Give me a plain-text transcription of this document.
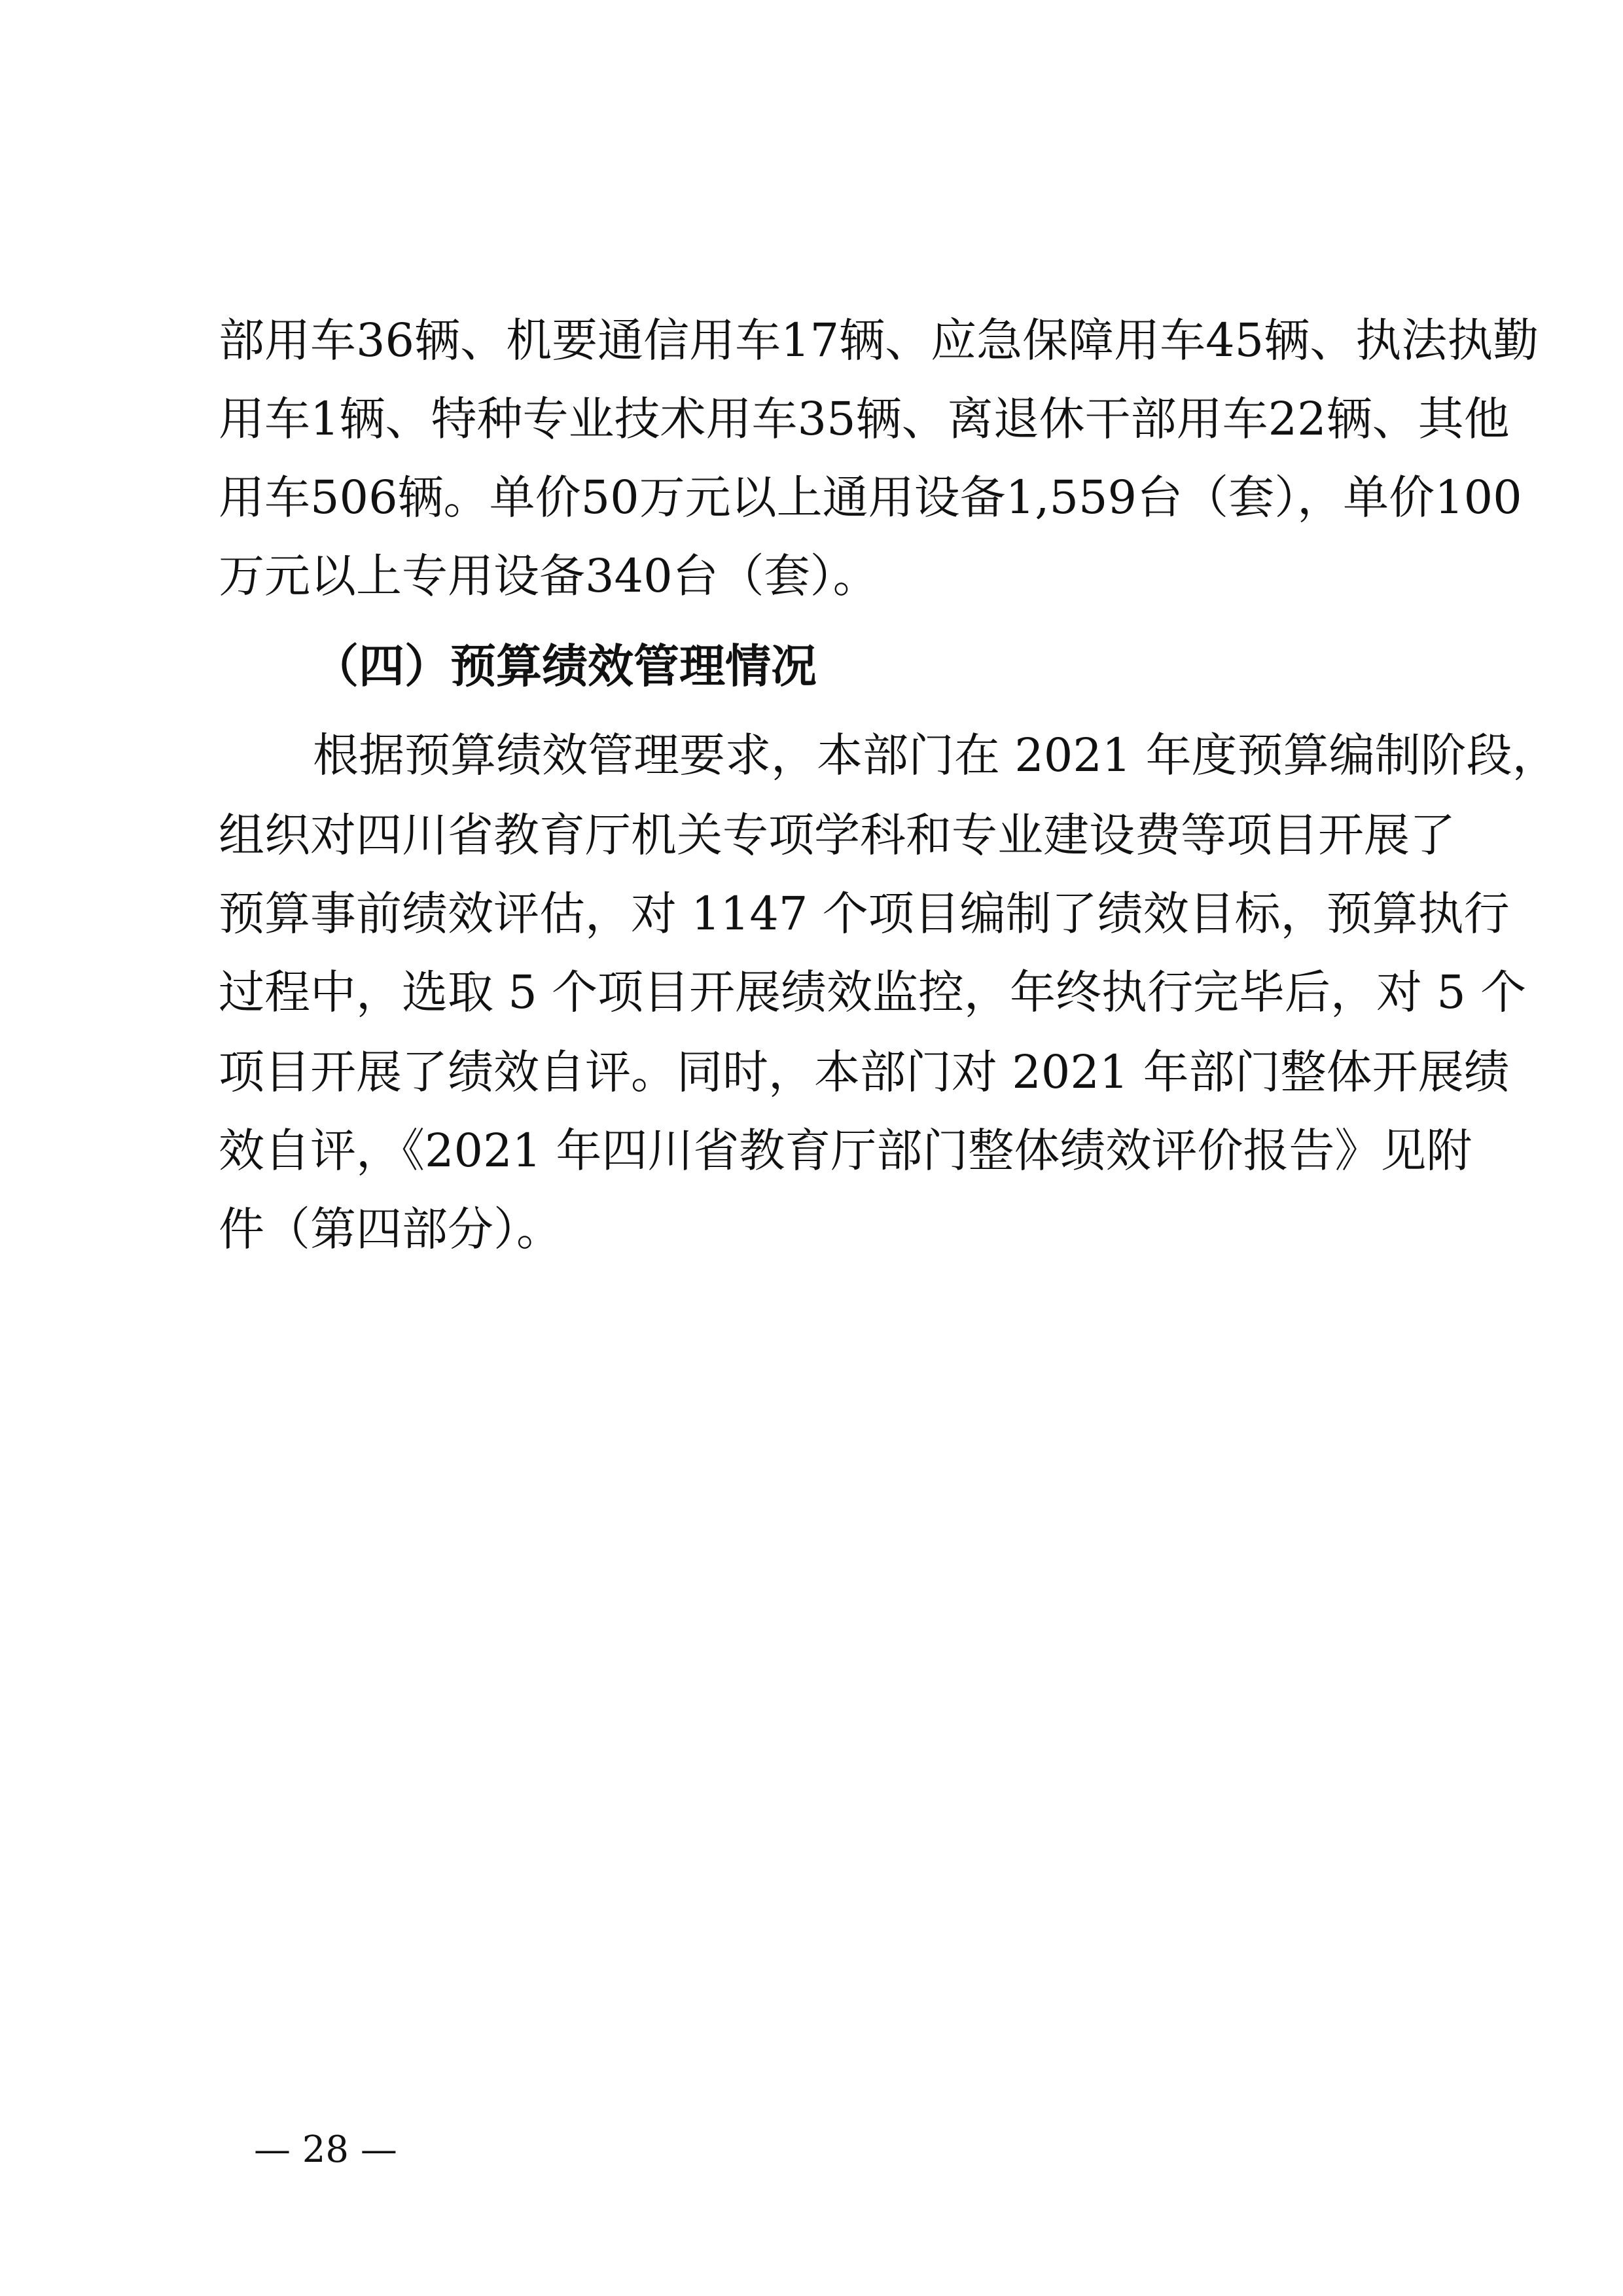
部用车36辆、机要通信用车17辆、应急保障用车45辆、执法执勤
用车1辆、特种专业技术用车35辆、离退休干部用车22辆、其他
用车506辆。单价50万元以上通用设备1,559台（套），单价100
万元以上专用设备340台（套）。
（四）预算绩效管理情况
根据预算绩效管理要求，本部门在 2021 年度预算编制阶段，
组织对四川省教育厅机关专项学科和专业建设费等项目开展了
预算事前绩效评估，对 1147 个项目编制了绩效目标，预算执行
过程中，选取 5 个项目开展绩效监控，年终执行完毕后，对 5 个
项目开展了绩效自评。同时，本部门对 2021 年部门整体开展绩
效自评，《2021 年四川省教育厅部门整体绩效评价报告》见附
件（第四部分）。
— 28 —
